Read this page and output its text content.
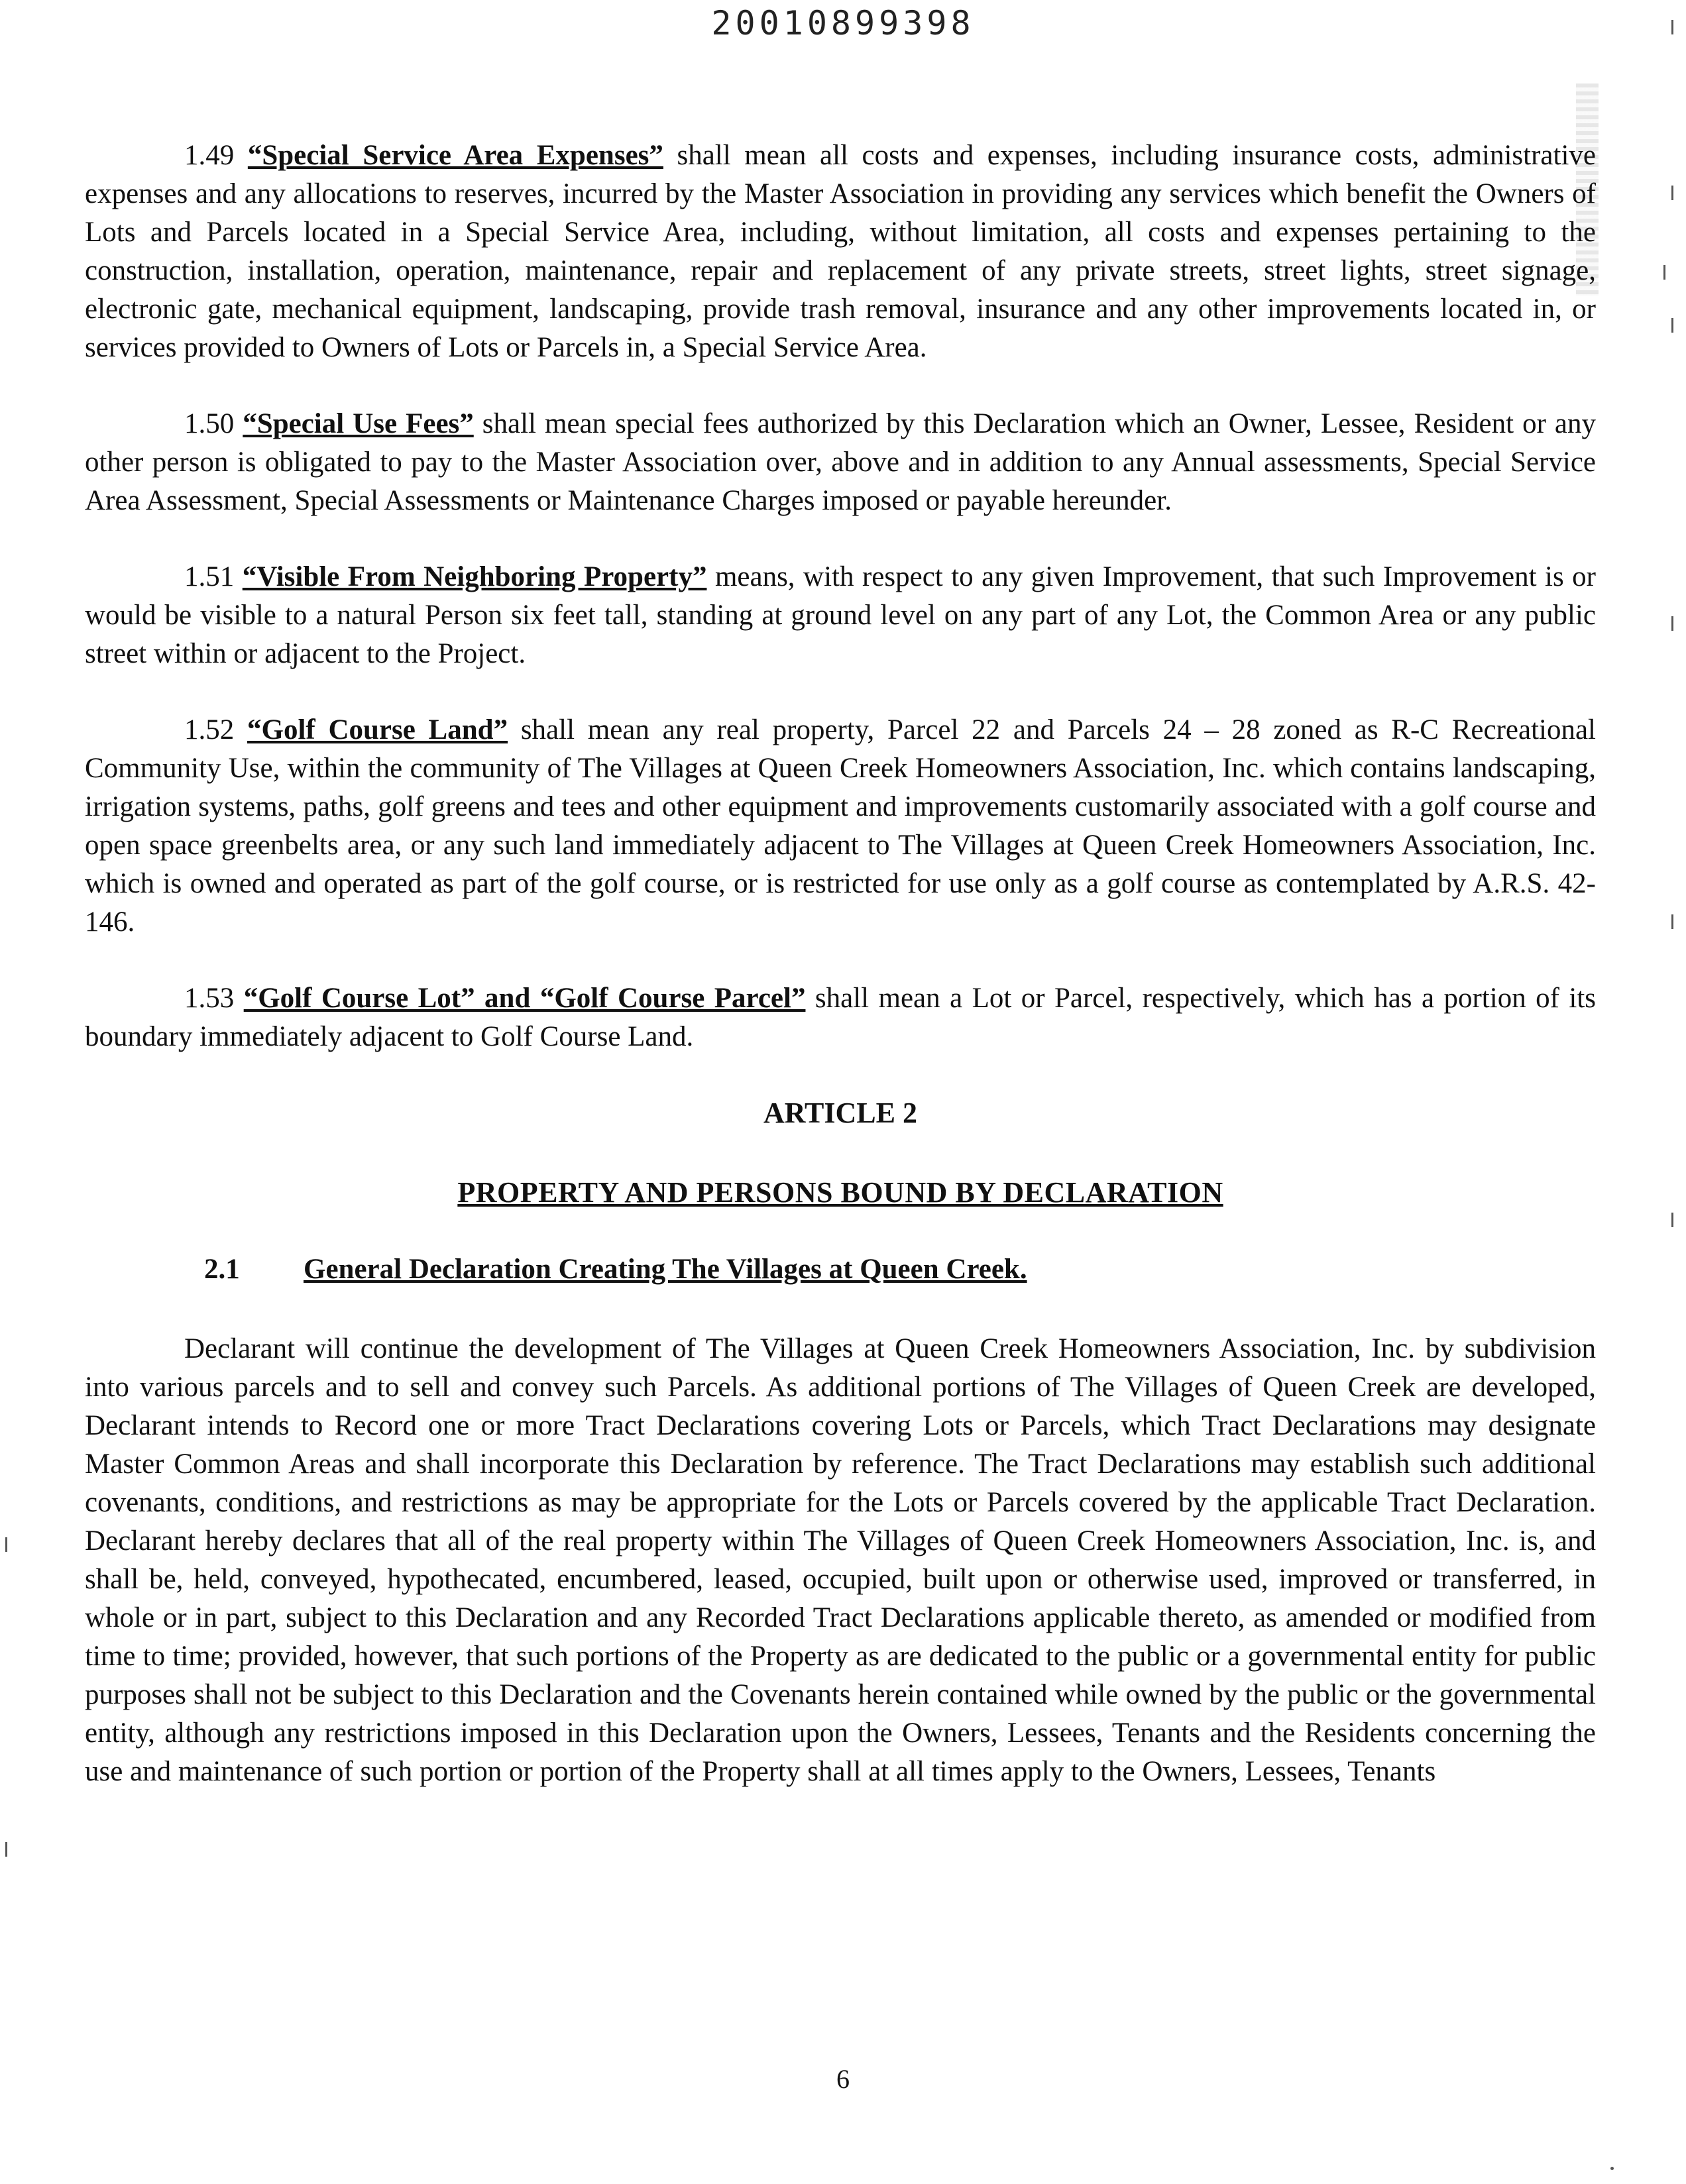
20010899398

1.49 “Special Service Area Expenses” shall mean all costs and expenses, including insurance costs, administrative expenses and any allocations to reserves, incurred by the Master Association in providing any services which benefit the Owners of Lots and Parcels located in a Special Service Area, including, without limitation, all costs and expenses pertaining to the construction, installation, operation, maintenance, repair and replacement of any private streets, street lights, street signage, electronic gate, mechanical equipment, landscaping, provide trash removal, insurance and any other improvements located in, or services provided to Owners of Lots or Parcels in, a Special Service Area.

1.50 “Special Use Fees” shall mean special fees authorized by this Declaration which an Owner, Lessee, Resident or any other person is obligated to pay to the Master Association over, above and in addition to any Annual assessments, Special Service Area Assessment, Special Assessments or Maintenance Charges imposed or payable hereunder.

1.51 “Visible From Neighboring Property” means, with respect to any given Improvement, that such Improvement is or would be visible to a natural Person six feet tall, standing at ground level on any part of any Lot, the Common Area or any public street within or adjacent to the Project.

1.52 “Golf Course Land” shall mean any real property, Parcel 22 and Parcels 24 – 28 zoned as R-C Recreational Community Use, within the community of The Villages at Queen Creek Homeowners Association, Inc. which contains landscaping, irrigation systems, paths, golf greens and tees and other equipment and improvements customarily associated with a golf course and open space greenbelts area, or any such land immediately adjacent to The Villages at Queen Creek Homeowners Association, Inc. which is owned and operated as part of the golf course, or is restricted for use only as a golf course as contemplated by A.R.S. 42-146.

1.53 “Golf Course Lot” and “Golf Course Parcel” shall mean a Lot or Parcel, respectively, which has a portion of its boundary immediately adjacent to Golf Course Land.

ARTICLE 2
PROPERTY AND PERSONS BOUND BY DECLARATION
2.1 General Declaration Creating The Villages at Queen Creek.

Declarant will continue the development of The Villages at Queen Creek Homeowners Association, Inc. by subdivision into various parcels and to sell and convey such Parcels. As additional portions of The Villages of Queen Creek are developed, Declarant intends to Record one or more Tract Declarations covering Lots or Parcels, which Tract Declarations may designate Master Common Areas and shall incorporate this Declaration by reference. The Tract Declarations may establish such additional covenants, conditions, and restrictions as may be appropriate for the Lots or Parcels covered by the applicable Tract Declaration. Declarant hereby declares that all of the real property within The Villages of Queen Creek Homeowners Association, Inc. is, and shall be, held, conveyed, hypothecated, encumbered, leased, occupied, built upon or otherwise used, improved or transferred, in whole or in part, subject to this Declaration and any Recorded Tract Declarations applicable thereto, as amended or modified from time to time; provided, however, that such portions of the Property as are dedicated to the public or a governmental entity for public purposes shall not be subject to this Declaration and the Covenants herein contained while owned by the public or the governmental entity, although any restrictions imposed in this Declaration upon the Owners, Lessees, Tenants and the Residents concerning the use and maintenance of such portion or portion of the Property shall at all times apply to the Owners, Lessees, Tenants

6
